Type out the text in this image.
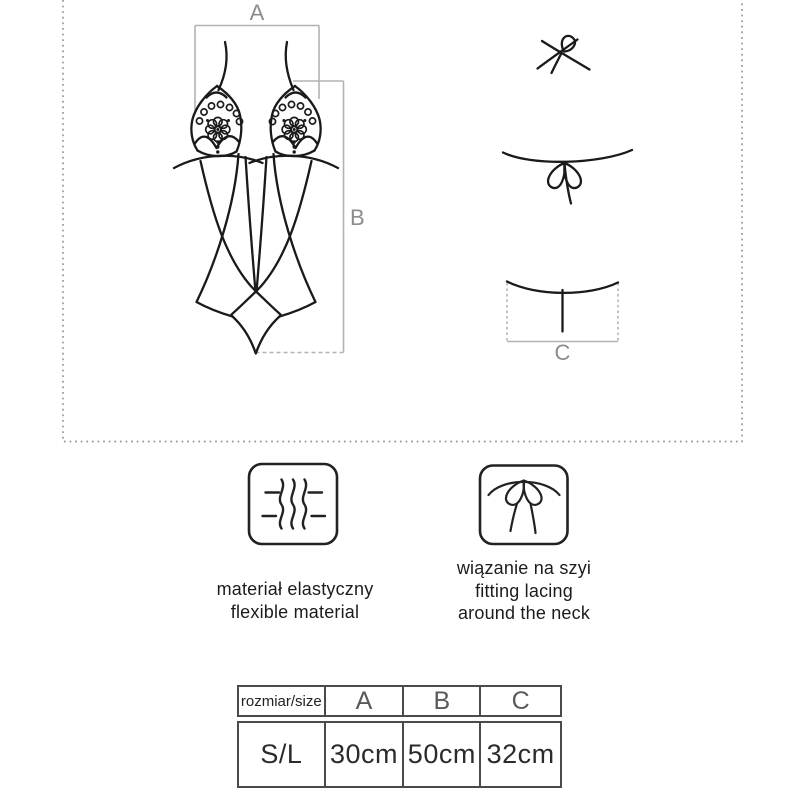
A
B
C
materiał elastyczny
flexible material
wiązanie na szyi
fitting lacing
around the neck
rozmiar/size	A	B	C
S/L	30cm 50cm 32cm
